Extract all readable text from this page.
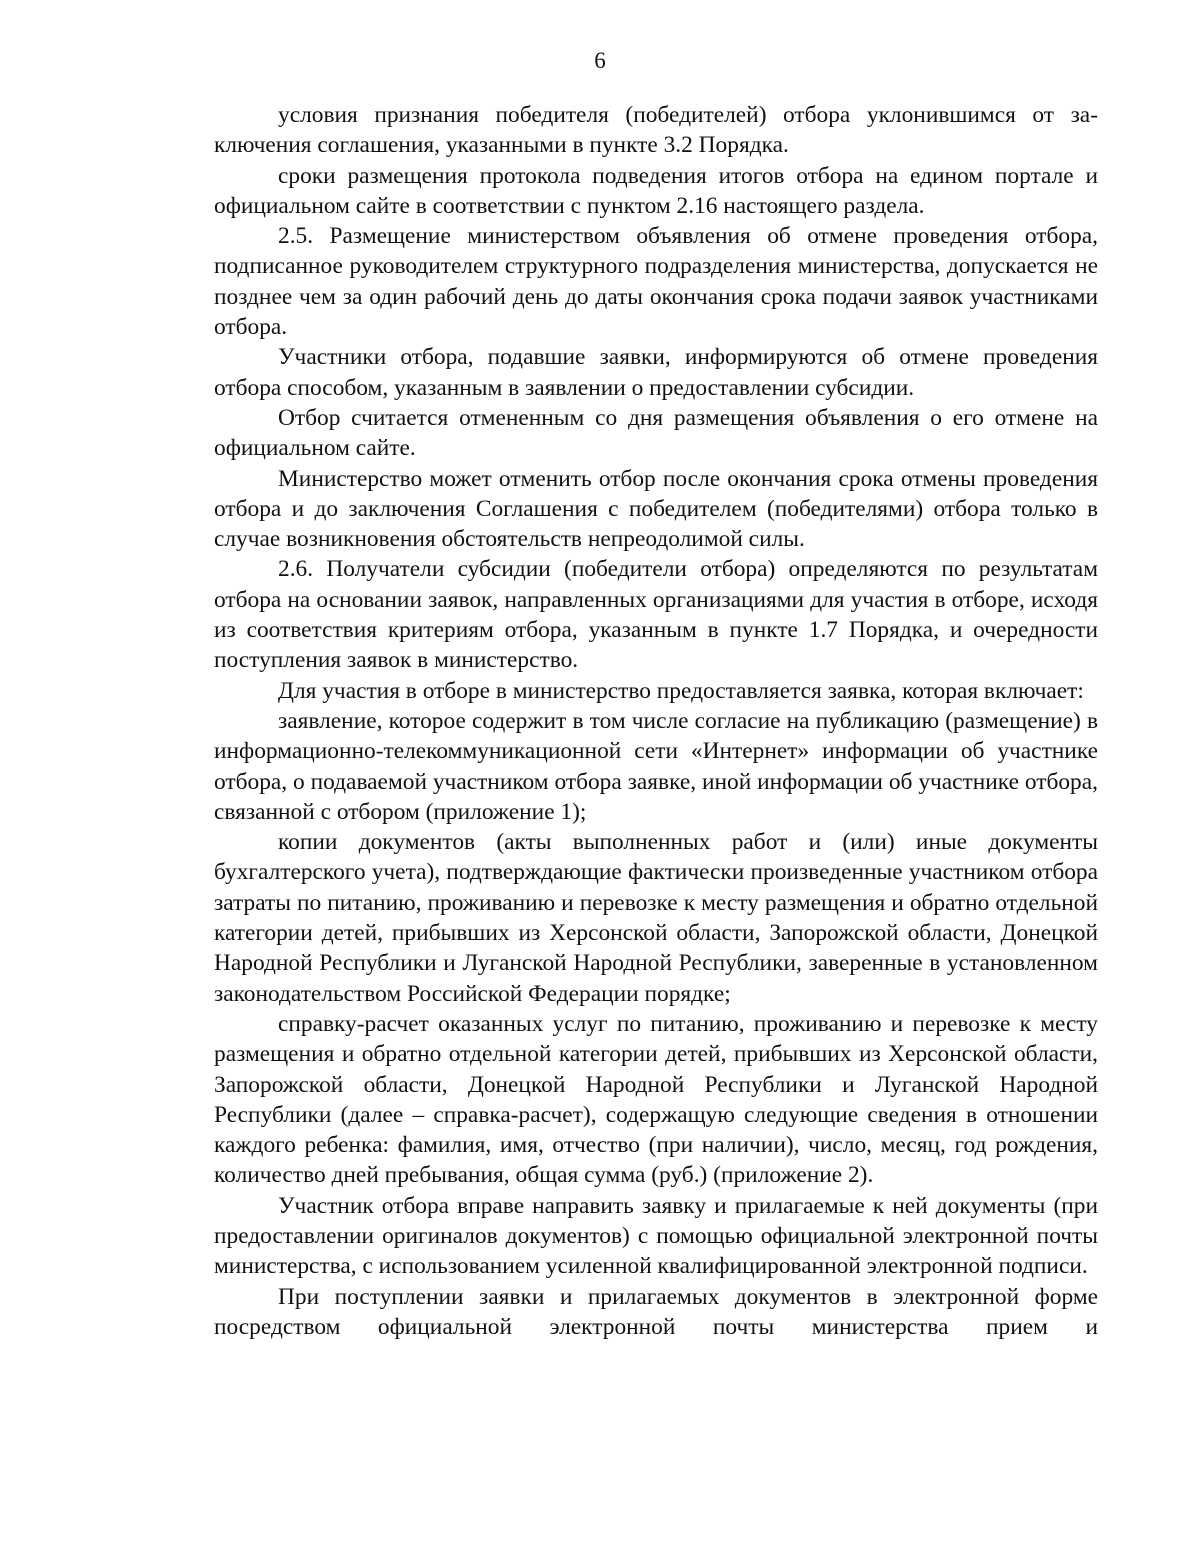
6

условия признания победителя (победителей) отбора уклонившимся от заключения соглашения, указанными в пункте 3.2 Порядка.

сроки размещения протокола подведения итогов отбора на едином портале и официальном сайте в соответствии с пунктом 2.16 настоящего раздела.

2.5. Размещение министерством объявления об отмене проведения отбора, подписанное руководителем структурного подразделения министерства, допускается не позднее чем за один рабочий день до даты окончания срока подачи заявок участниками отбора.

Участники отбора, подавшие заявки, информируются об отмене проведения отбора способом, указанным в заявлении о предоставлении субсидии.

Отбор считается отмененным со дня размещения объявления о его отмене на официальном сайте.

Министерство может отменить отбор после окончания срока отмены проведения отбора и до заключения Соглашения с победителем (победителями) отбора только в случае возникновения обстоятельств непреодолимой силы.

2.6. Получатели субсидии (победители отбора) определяются по результатам отбора на основании заявок, направленных организациями для участия в отборе, исходя из соответствия критериям отбора, указанным в пункте 1.7 Порядка, и очередности поступления заявок в министерство.

Для участия в отборе в министерство предоставляется заявка, которая включает:

заявление, которое содержит в том числе согласие на публикацию (размещение) в информационно-телекоммуникационной сети «Интернет» информации об участнике отбора, о подаваемой участником отбора заявке, иной информации об участнике отбора, связанной с отбором (приложение 1);

копии документов (акты выполненных работ и (или) иные документы бухгалтерского учета), подтверждающие фактически произведенные участником отбора затраты по питанию, проживанию и перевозке к месту размещения и обратно отдельной категории детей, прибывших из Херсонской области, Запорожской области, Донецкой Народной Республики и Луганской Народной Республики, заверенные в установленном законодательством Российской Федерации порядке;

справку-расчет оказанных услуг по питанию, проживанию и перевозке к месту размещения и обратно отдельной категории детей, прибывших из Херсонской области, Запорожской области, Донецкой Народной Республики и Луганской Народной Республики (далее – справка-расчет), содержащую следующие сведения в отношении каждого ребенка: фамилия, имя, отчество (при наличии), число, месяц, год рождения, количество дней пребывания, общая сумма (руб.) (приложение 2).

Участник отбора вправе направить заявку и прилагаемые к ней документы (при предоставлении оригиналов документов) с помощью официальной электронной почты министерства, с использованием усиленной квалифицированной электронной подписи.

При поступлении заявки и прилагаемых документов в электронной форме посредством официальной электронной почты министерства прием и
